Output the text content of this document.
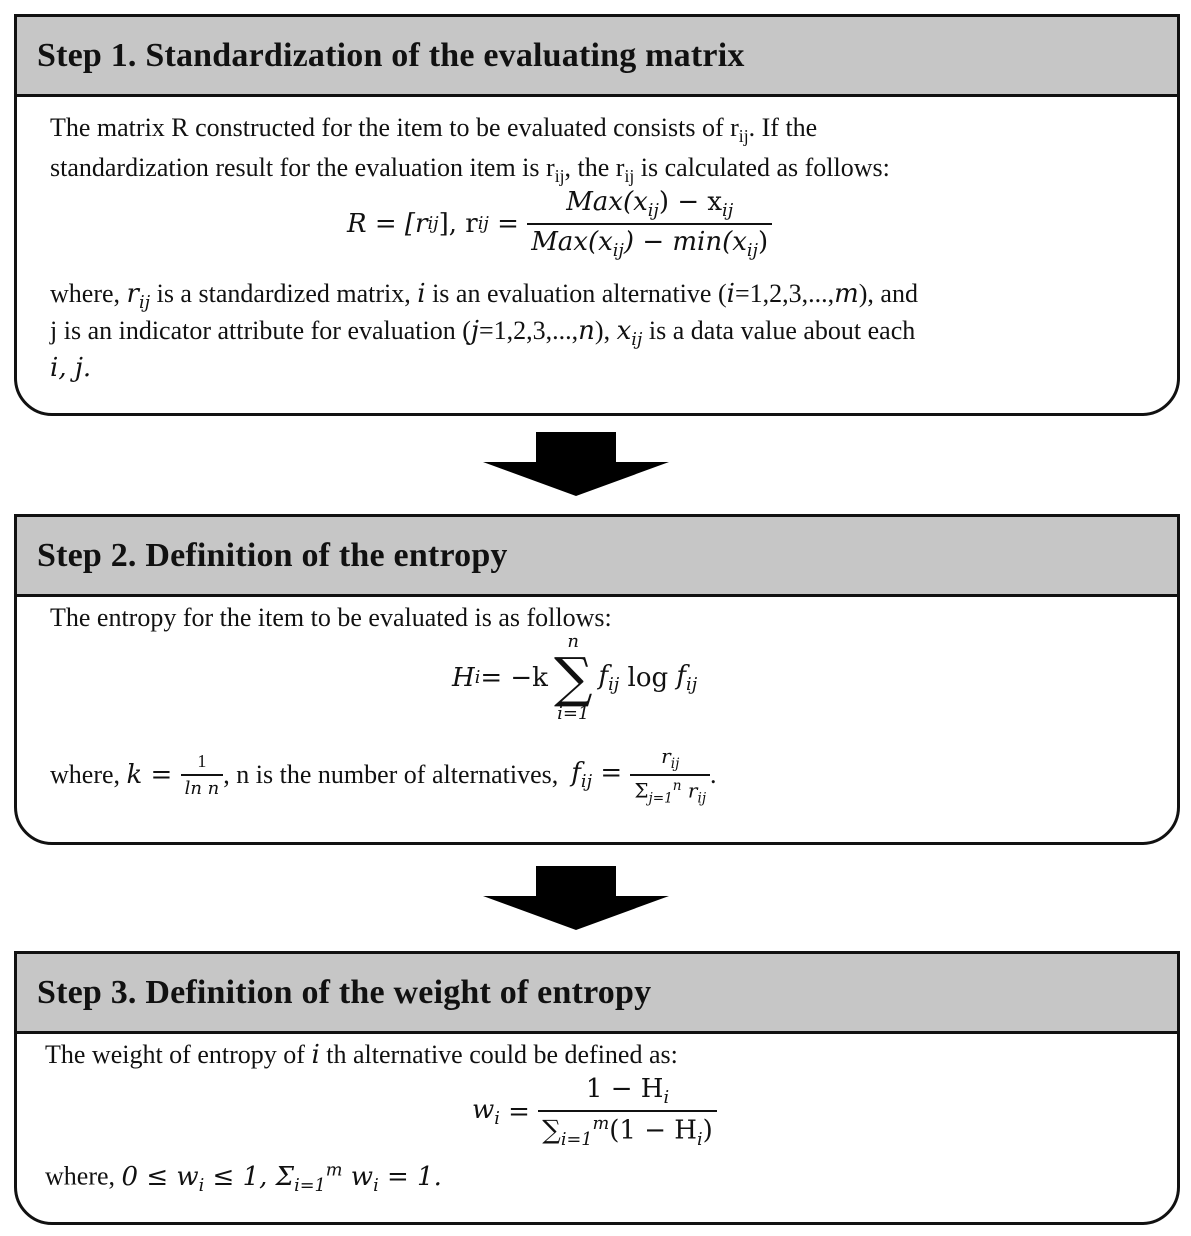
Step 1. Standardization of the evaluating matrix
The matrix R constructed for the item to be evaluated consists of $r_{ij}$. If the
standardization result for the evaluation item is $r_{ij}$, the $r_{ij}$ is calculated as follows:
R = [r ij ], r ij = $\frac{Max(x_{ij}) - x_{ij}}{Max(x_{ij}) - \min(x_{ij})}$
where, $r_{ij}$ is a standardized matrix, i is an evaluation alternative (i=1,2,3,...,m), and
j is an indicator attribute for evaluation (j=1,2,3,...,n), $x_{ij}$ is a data value about each
i, j.
Step 2. Definition of the entropy
The entropy for the item to be evaluated is as follows:
H i = −k
n
∑
i=1
$f_{ij}$
$\log f_{ij}$
where,
$k = \frac{1}{\text{ln n}}$ , n is the number of alternatives,
$f_{ij} = \frac{r_{ij}}{\Sigma_{j=1}^n r_{ij}}$ .
Step 3. Definition of the weight of entropy
The weight of entropy of i th alternative could be defined as:
$w_i = \frac{1 - H_i}{\sum_{i=1}^m(1 - H_i)}$
where, $0 \le w_i \le 1$, $\Sigma_{i=1}^m$ $w_i = 1$.
